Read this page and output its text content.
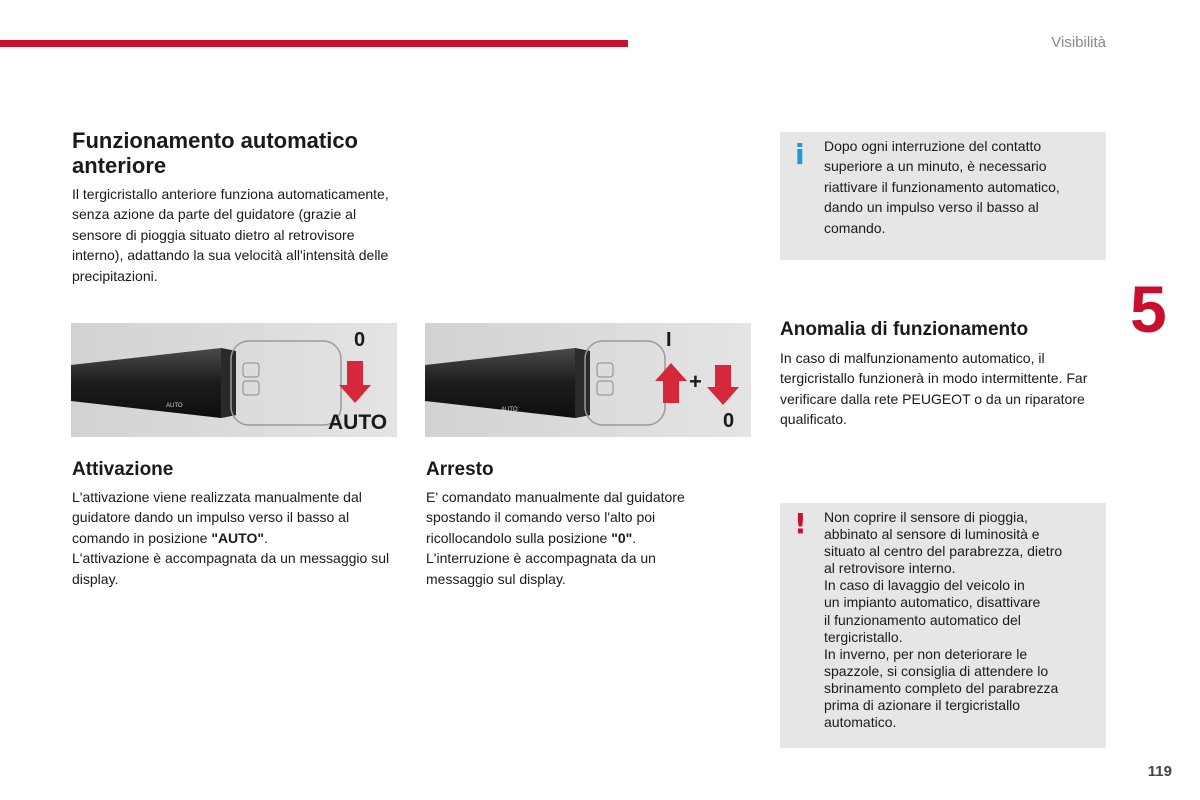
Visibilità
5
119
Funzionamento automatico anteriore

Il tergicristallo anteriore funziona automaticamente, senza azione da parte del guidatore (grazie al sensore di pioggia situato dietro al retrovisore interno), adattando la sua velocità all'intensità delle precipitazioni.

AUTO
0
AUTO
AUTO
I
+
0
Attivazione

L'attivazione viene realizzata manualmente dal guidatore dando un impulso verso il basso al comando in posizione "AUTO".
L'attivazione è accompagnata da un messaggio sul display.

Arresto

E' comandato manualmente dal guidatore spostando il comando verso l'alto poi ricollocandolo sulla posizione "0".
L'interruzione è accompagnata da un messaggio sul display.

i Dopo ogni interruzione del contatto superiore a un minuto, è necessario riattivare il funzionamento automatico, dando un impulso verso il basso al comando.
Anomalia di funzionamento

In caso di malfunzionamento automatico, il tergicristallo funzionerà in modo intermittente. Far verificare dalla rete PEUGEOT o da un riparatore qualificato.

! Non coprire il sensore di pioggia,
abbinato al sensore di luminosità e
situato al centro del parabrezza, dietro
al retrovisore interno.
In caso di lavaggio del veicolo in
un impianto automatico, disattivare
il funzionamento automatico del
tergicristallo.
In inverno, per non deteriorare le
spazzole, si consiglia di attendere lo
sbrinamento completo del parabrezza
prima di azionare il tergicristallo
automatico.
